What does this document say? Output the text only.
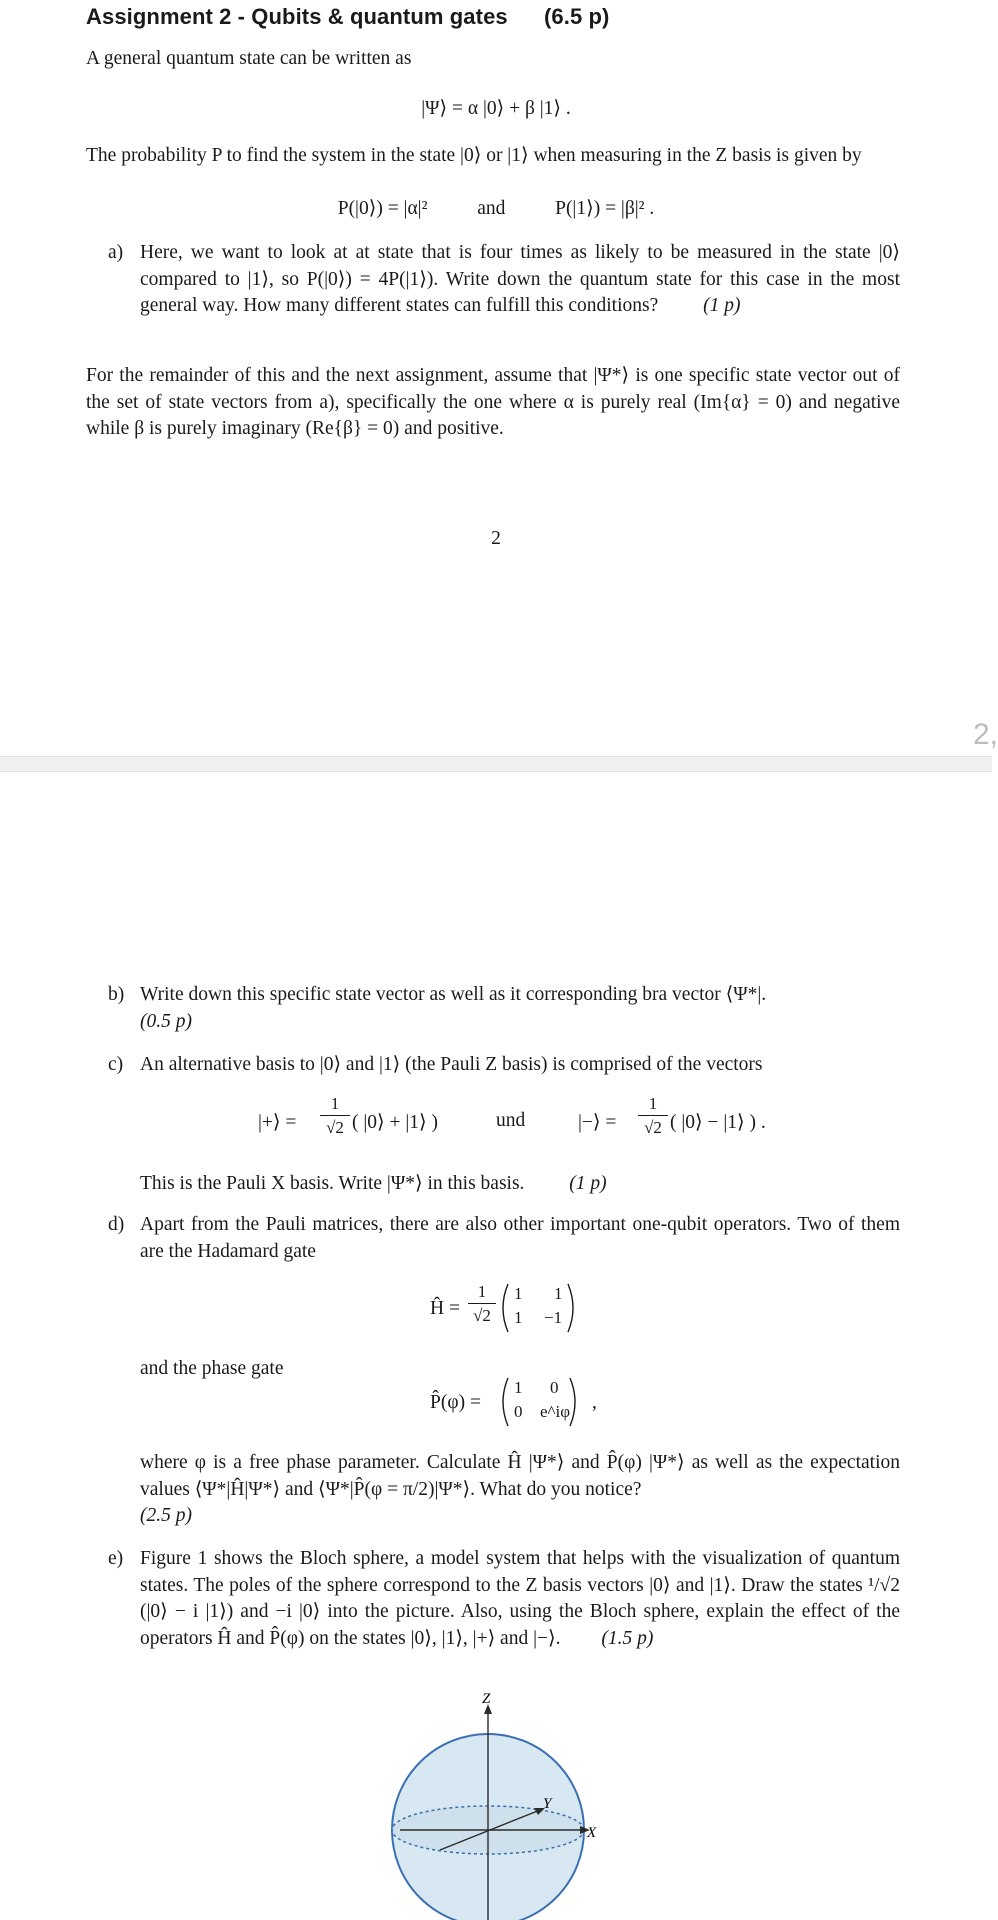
Assignment 2 - Qubits & quantum gates (6.5 p)
A general quantum state can be written as
|Ψ⟩ = α |0⟩ + β |1⟩ .
The probability P to find the system in the state |0⟩ or |1⟩ when measuring in the Z basis is given by
P(|0⟩) = |α|²	and	P(|1⟩) = |β|² .
a) Here, we want to look at at state that is four times as likely to be measured in the state |0⟩ compared to |1⟩, so P(|0⟩) = 4P(|1⟩). Write down the quantum state for this case in the most general way. How many different states can fulfill this conditions? (1 p)
For the remainder of this and the next assignment, assume that |Ψ*⟩ is one specific state vector out of the set of state vectors from a), specifically the one where α is purely real (Im{α} = 0) and negative while β is purely imaginary (Re{β} = 0) and positive.
2
2,
b) Write down this specific state vector as well as it corresponding bra vector ⟨Ψ*|.
(0.5 p)
c) An alternative basis to |0⟩ and |1⟩ (the Pauli Z basis) is comprised of the vectors
|+⟩ =
1
√2 ( |0⟩ + |1⟩ )	und	|−⟩ =
1
√2 ( |0⟩ − |1⟩ ) .
This is the Pauli X basis. Write |Ψ*⟩ in this basis. (1 p)
d) Apart from the Pauli matrices, there are also other important one-qubit operators. Two of them are the Hadamard gate
Ĥ =
1
√2
1 1
1 −1
and the phase gate
P̂(φ) =
1 0
0 e^iφ ,
where φ is a free phase parameter. Calculate Ĥ |Ψ*⟩ and P̂(φ) |Ψ*⟩ as well as the expectation values ⟨Ψ*|Ĥ|Ψ*⟩ and ⟨Ψ*|P̂(φ = π/2)|Ψ*⟩. What do you notice?
(2.5 p)
e) Figure 1 shows the Bloch sphere, a model system that helps with the visualization of quantum states. The poles of the sphere correspond to the Z basis vectors |0⟩ and |1⟩. Draw the states ¹/√2 (|0⟩ − i |1⟩) and −i |0⟩ into the picture. Also, using the Bloch sphere, explain the effect of the operators Ĥ and P̂(φ) on the states |0⟩, |1⟩, |+⟩ and |−⟩. (1.5 p)
Z
Y
X
